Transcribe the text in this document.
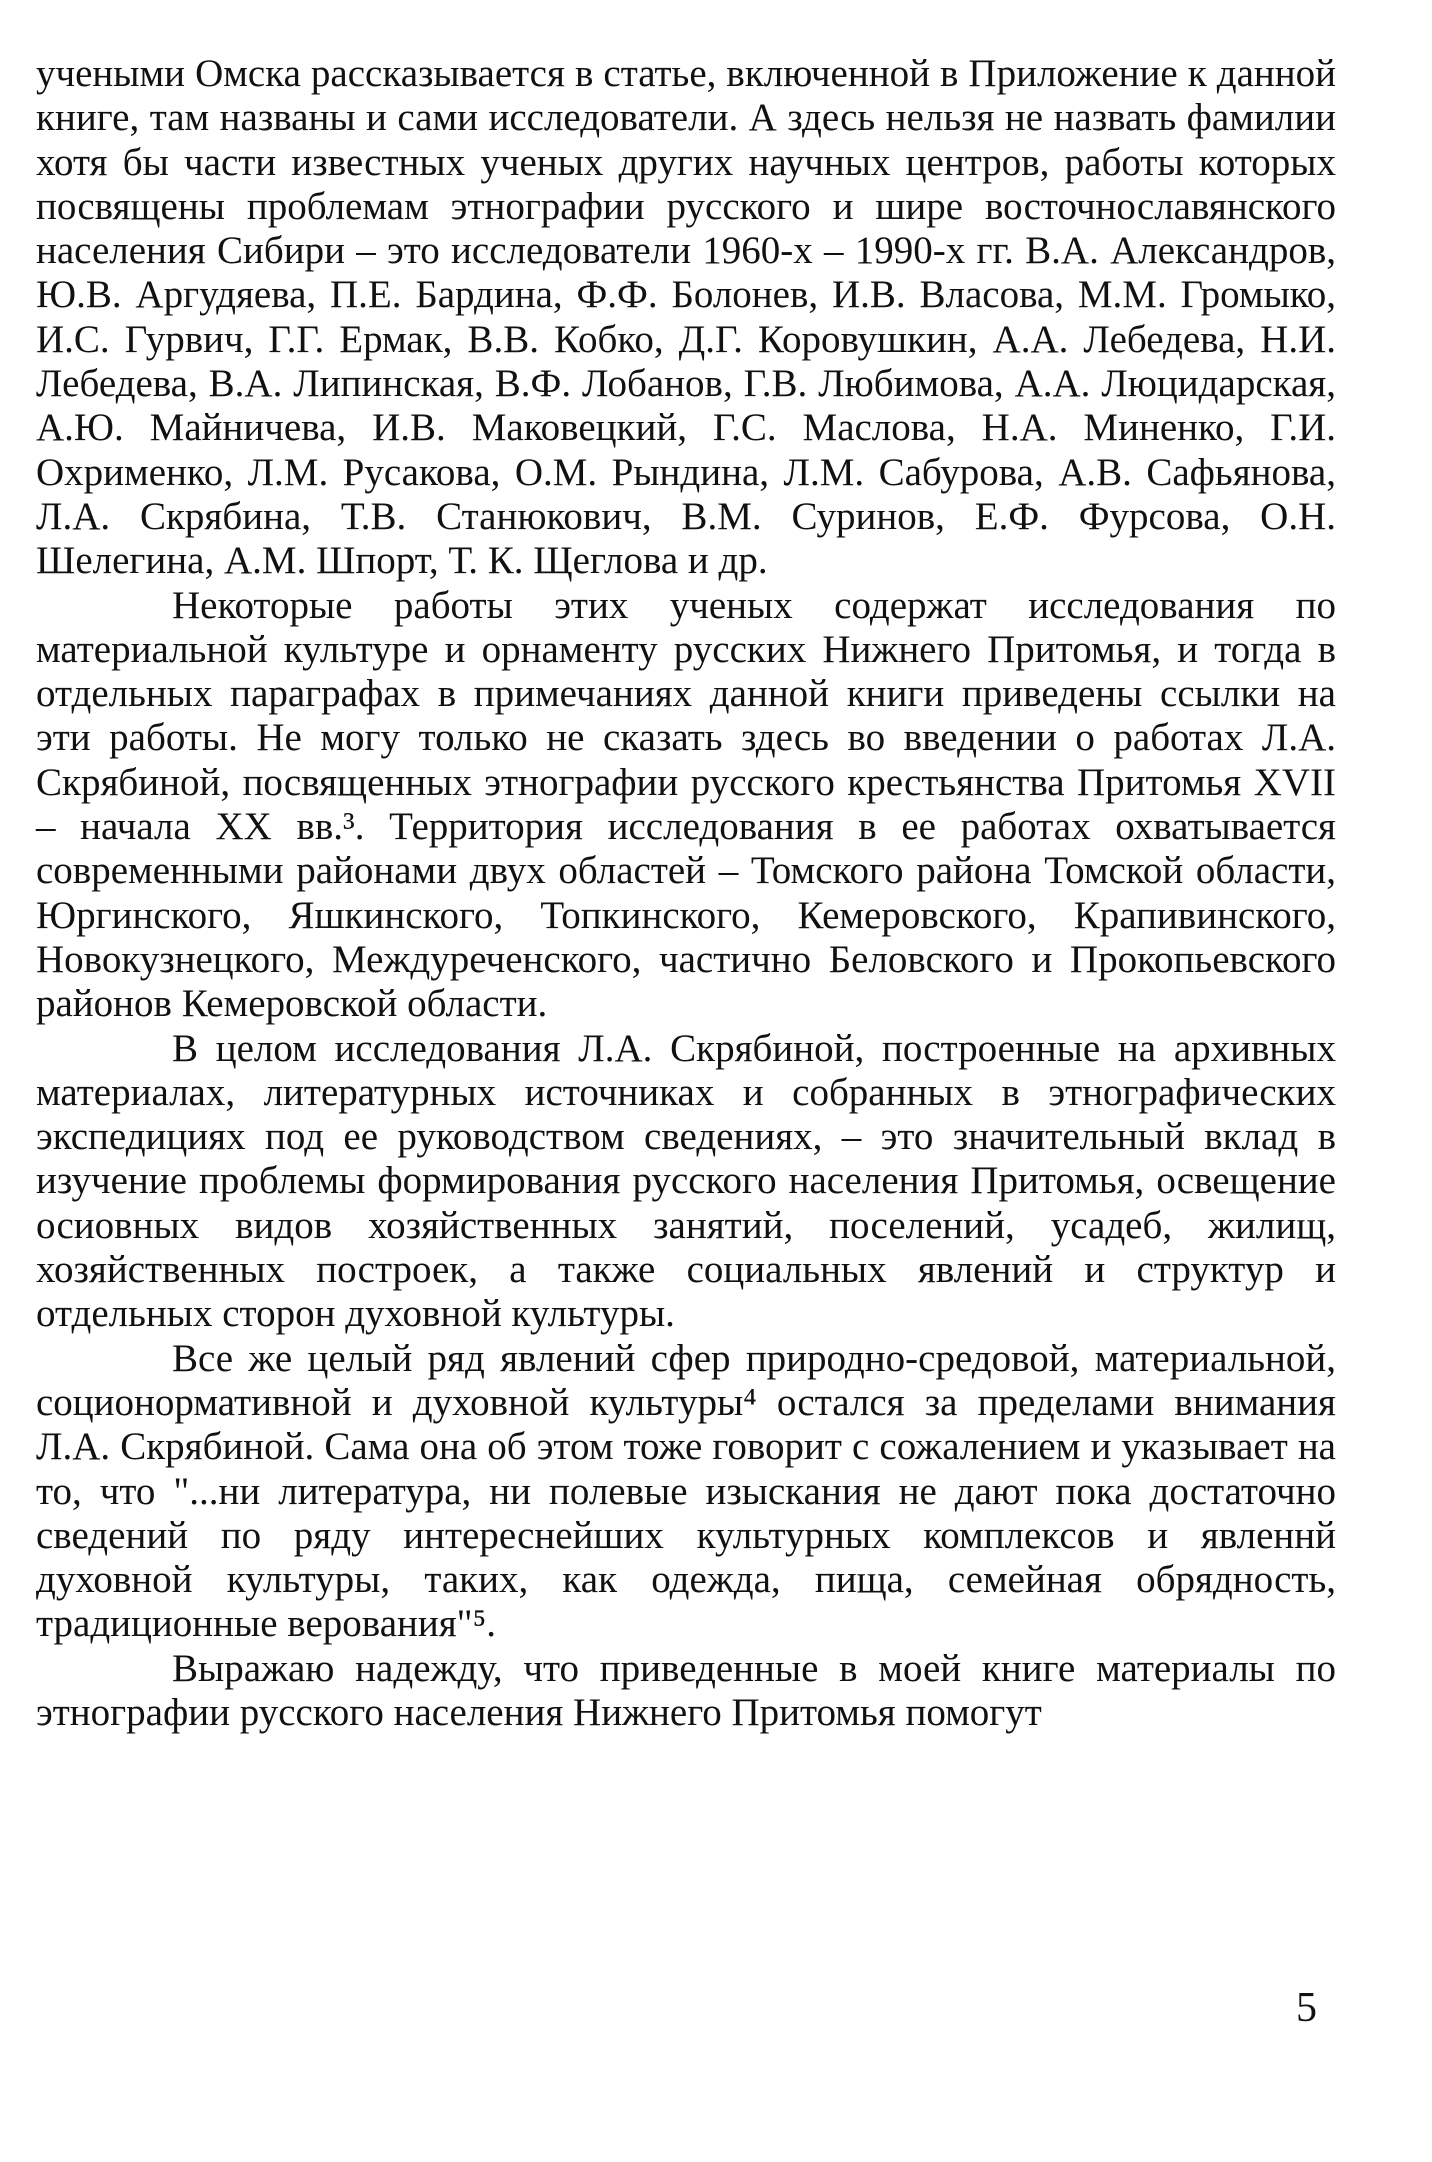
учеными Омска рассказывается в статье, включенной в Приложение к данной книге, там названы и сами исследователи. А здесь нельзя не назвать фамилии хотя бы части известных ученых других научных центров, работы которых посвящены проблемам этнографии русского и шире восточнославянского населения Сибири – это исследователи 1960-х – 1990-х гг. В.А. Александров, Ю.В. Аргудяева, П.Е. Бардина, Ф.Ф. Болонев, И.В. Власова, М.М. Громыко, И.С. Гурвич, Г.Г. Ермак, В.В. Кобко, Д.Г. Коровушкин, А.А. Лебедева, Н.И. Лебедева, В.А. Липинская, В.Ф. Лобанов, Г.В. Любимова, А.А. Люцидарская, А.Ю. Майничева, И.В. Маковецкий, Г.С. Маслова, Н.А. Миненко, Г.И. Охрименко, Л.М. Русакова, О.М. Рындина, Л.М. Сабурова, А.В. Сафьянова, Л.А. Скрябина, Т.В. Станюкович, В.М. Суринов, Е.Ф. Фурсова, О.Н. Шелегина, А.М. Шпорт, Т. К. Щеглова и др.

Некоторые работы этих ученых содержат исследования по материальной культуре и орнаменту русских Нижнего Притомья, и тогда в отдельных параграфах в примечаниях данной книги приведены ссылки на эти работы. Не могу только не сказать здесь во введении о работах Л.А. Скрябиной, посвященных этнографии русского крестьянства Притомья XVII – начала XX вв.³. Территория исследования в ее работах охватывается современными районами двух областей – Томского района Томской области, Юргинского, Яшкинского, Топкинского, Кемеровского, Крапивинского, Новокузнецкого, Междуреченского, частично Беловского и Прокопьевского районов Кемеровской области.

В целом исследования Л.А. Скрябиной, построенные на архивных материалах, литературных источниках и собранных в этнографических экспедициях под ее руководством сведениях, – это значительный вклад в изучение проблемы формирования русского населения Притомья, освещение осиовных видов хозяйственных занятий, поселений, усадеб, жилищ, хозяйственных построек, а также социальных явлений и структур и отдельных сторон духовной культуры.

Все же целый ряд явлений сфер природно-средовой, материальной, соционормативной и духовной культуры⁴ остался за пределами внимания Л.А. Скрябиной. Сама она об этом тоже говорит с сожалением и указывает на то, что "...ни литература, ни полевые изыскания не дают пока достаточно сведений по ряду интереснейших культурных комплексов и явленнй духовной культуры, таких, как одежда, пища, семейная обрядность, традиционные верования"⁵.

Выражаю надежду, что приведенные в моей книге материалы по этнографии русского населения Нижнего Притомья помогут

5
